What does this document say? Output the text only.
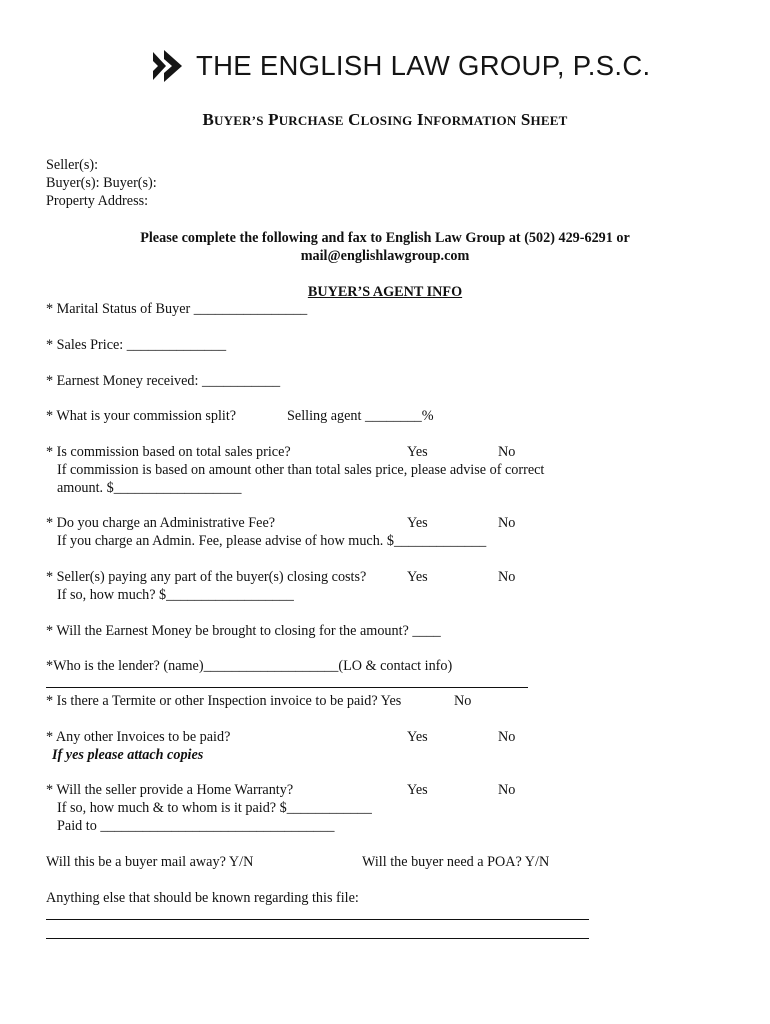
THE ENGLISH LAW GROUP, P.S.C.
BUYER’S PURCHASE CLOSING INFORMATION SHEET
Seller(s):
Buyer(s): Buyer(s):
Property Address:
Please complete the following and fax to English Law Group at (502) 429-6291 or
mail@englishlawgroup.com
BUYER’S AGENT INFO
* Marital Status of Buyer ________________
* Sales Price: ______________
* Earnest Money received: ___________
* What is your commission split?	Selling agent ________%
* Is commission based on total sales price?	Yes	No
If commission is based on amount other than total sales price, please advise of correct
amount. $__________________
* Do you charge an Administrative Fee?	Yes	No
If you charge an Admin. Fee, please advise of how much. $_____________
* Seller(s) paying any part of the buyer(s) closing costs?	Yes	No
If so, how much? $__________________
* Will the Earnest Money be brought to closing for the amount? ____
*Who is the lender? (name)___________________(LO & contact info)
* Is there a Termite or other Inspection invoice to be paid? Yes	No
* Any other Invoices to be paid?	Yes	No
If yes please attach copies
* Will the seller provide a Home Warranty?	Yes	No
If so, how much & to whom is it paid? $____________
Paid to _________________________________
Will this be a buyer mail away? Y/N	Will the buyer need a POA? Y/N
Anything else that should be known regarding this file:
